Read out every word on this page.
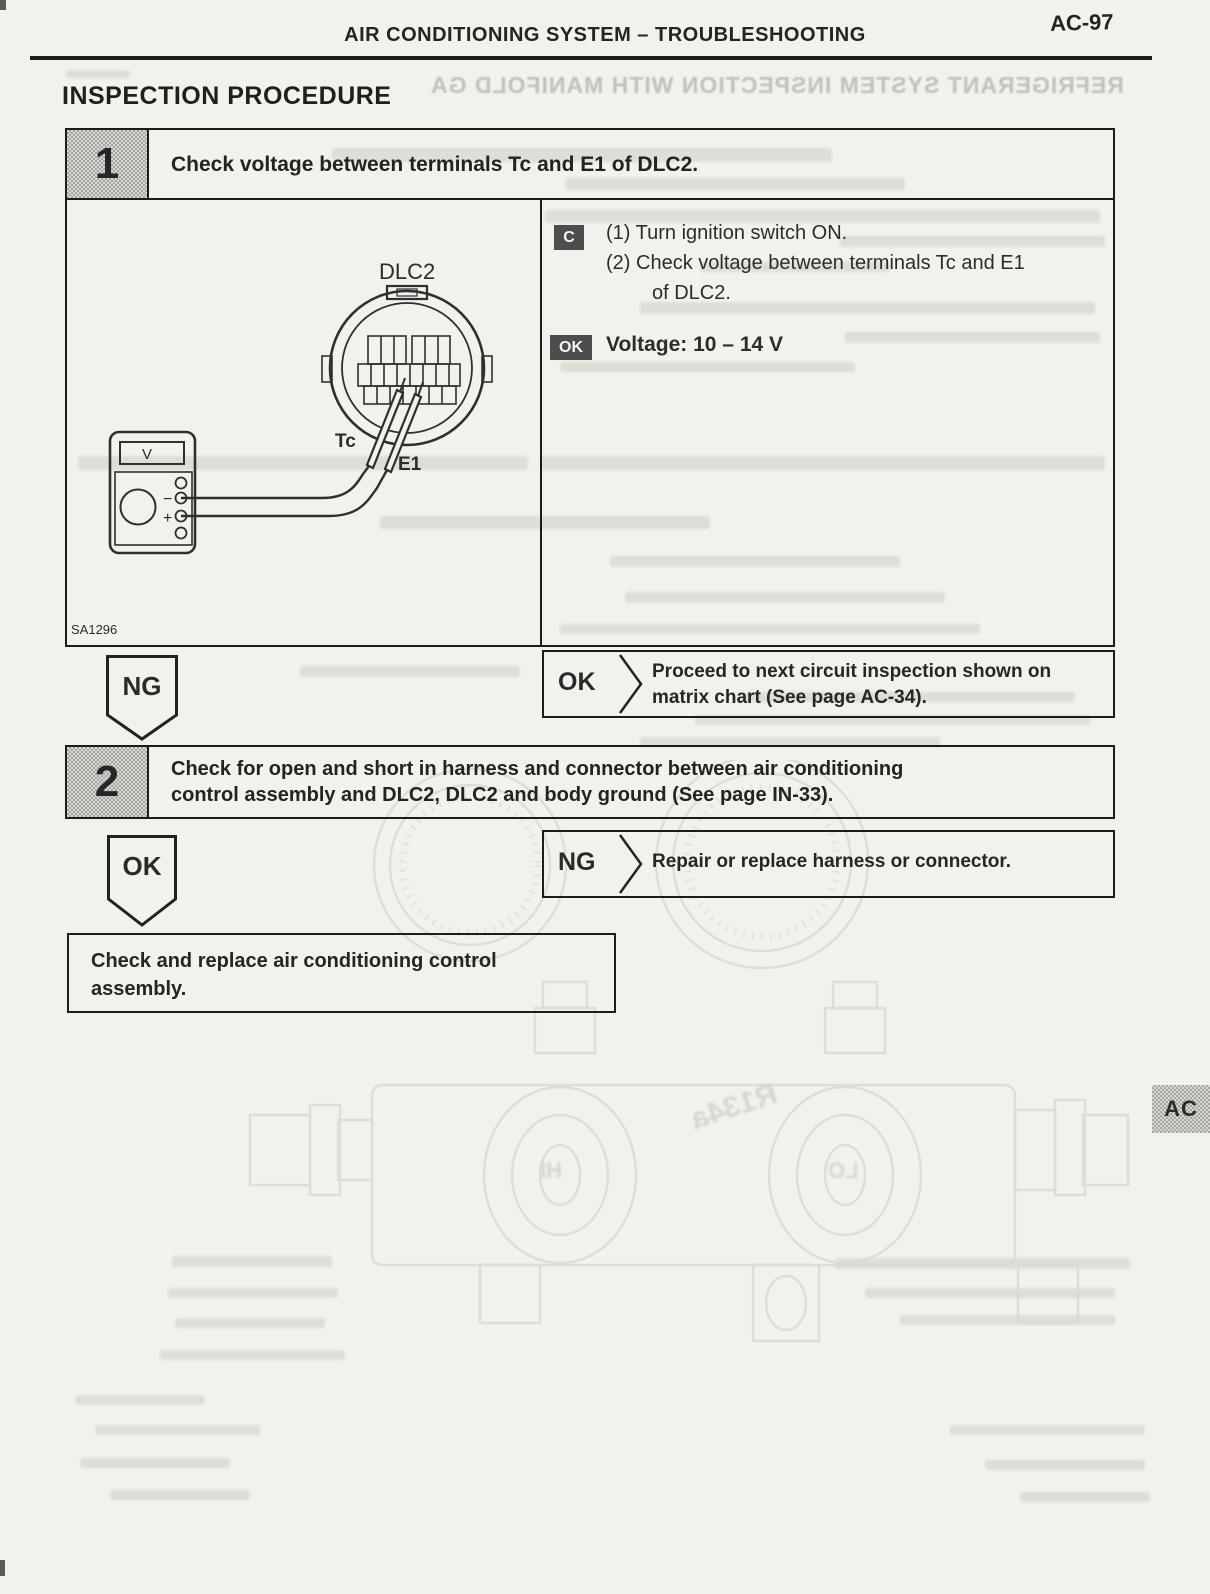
REFRIGERANT SYSTEM INSPECTION WITH MANIFOLD GA
R134a
HI	LO
AIR CONDITIONING SYSTEM – TROUBLESHOOTING	AC-97
INSPECTION PROCEDURE
1	Check voltage between terminals Tc and E1 of DLC2.
DLC2
Tc
E1
V
−
+
SA1296
C	(1) Turn ignition switch ON.
(2) Check voltage between terminals Tc and E1
of DLC2.
OK	Voltage: 10 – 14 V
NG	OK	Proceed to next circuit inspection shown on
matrix chart (See page AC-34).
2	Check for open and short in harness and connector between air conditioning
control assembly and DLC2, DLC2 and body ground (See page IN-33).
NG	Repair or replace harness or connector.
OK
Check and replace air conditioning control
assembly.
AC
